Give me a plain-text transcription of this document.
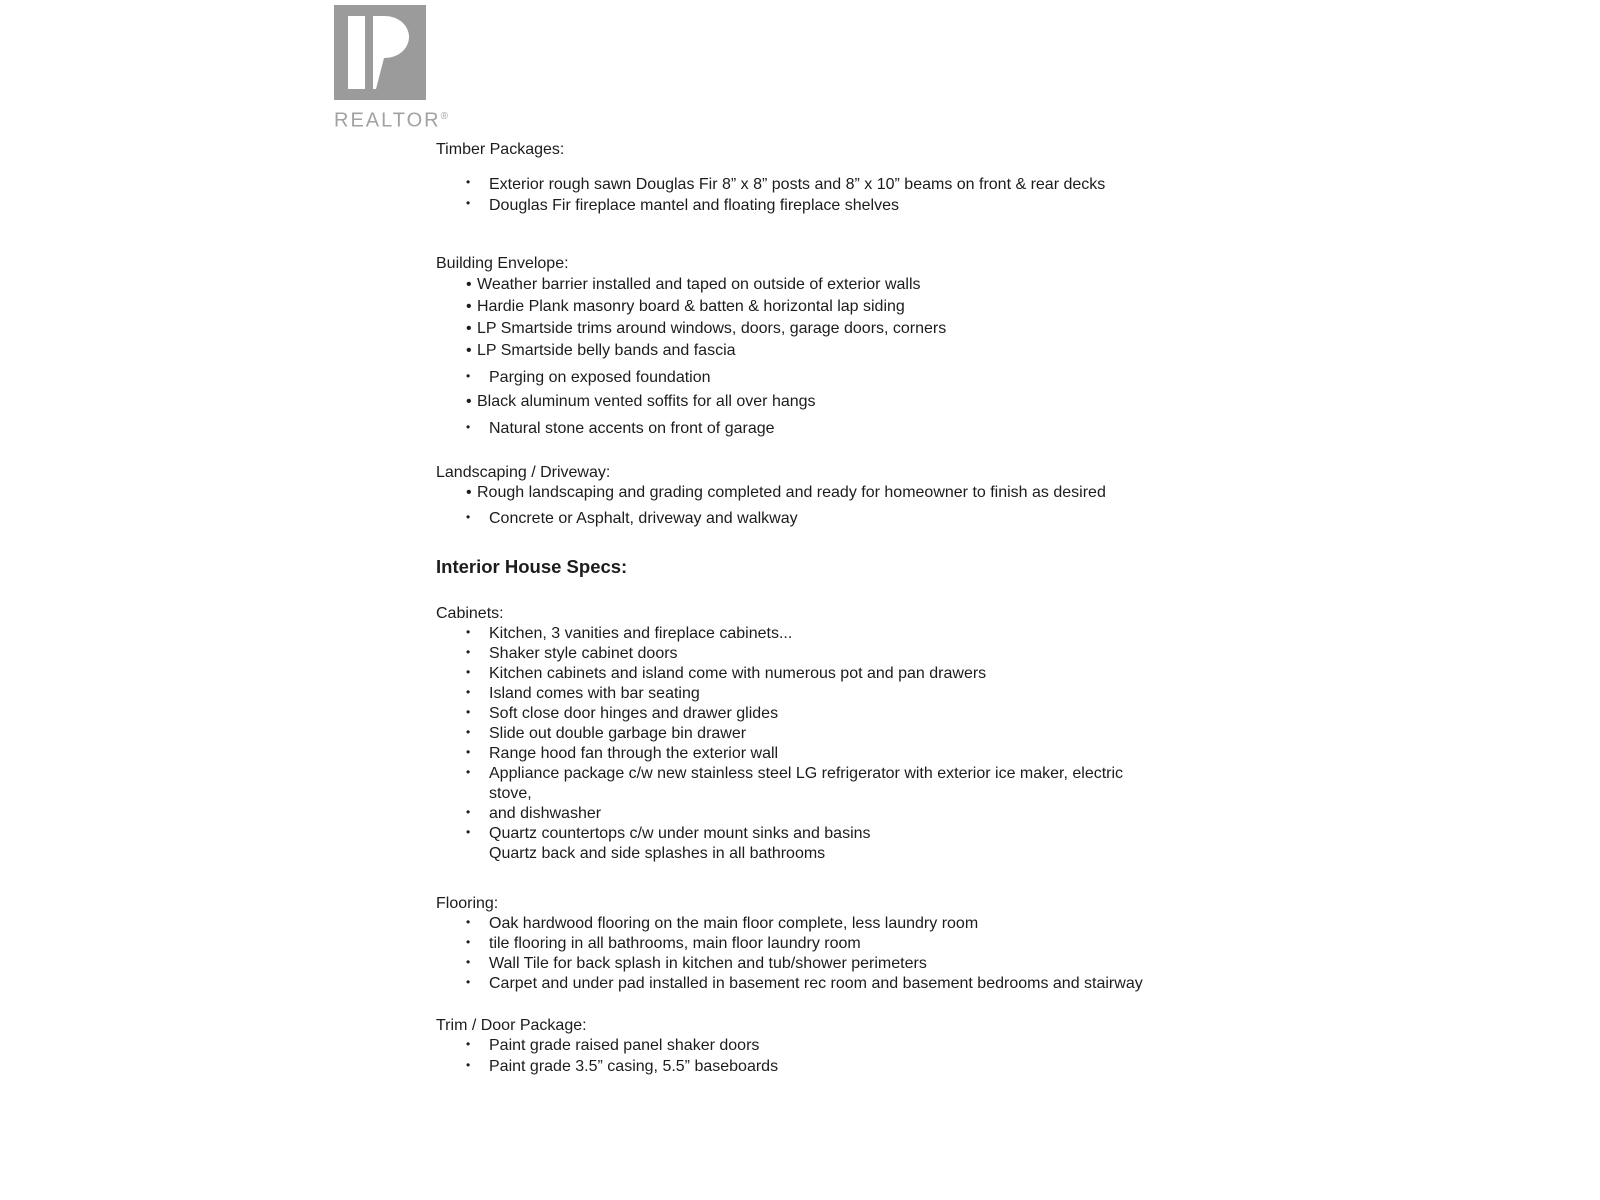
REALTOR®
Timber Packages:
• Exterior rough sawn Douglas Fir 8” x 8” posts and 8” x 10” beams on front & rear decks
• Douglas Fir fireplace mantel and floating fireplace shelves
Building Envelope:
• Weather barrier installed and taped on outside of exterior walls
• Hardie Plank masonry board & batten & horizontal lap siding
• LP Smartside trims around windows, doors, garage doors, corners
• LP Smartside belly bands and fascia
• Parging on exposed foundation
• Black aluminum vented soffits for all over hangs
• Natural stone accents on front of garage
Landscaping / Driveway:
• Rough landscaping and grading completed and ready for homeowner to finish as desired
• Concrete or Asphalt, driveway and walkway
Interior House Specs:
Cabinets:
• Kitchen, 3 vanities and fireplace cabinets...
• Shaker style cabinet doors
• Kitchen cabinets and island come with numerous pot and pan drawers
• Island comes with bar seating
• Soft close door hinges and drawer glides
• Slide out double garbage bin drawer
• Range hood fan through the exterior wall
• Appliance package c/w new stainless steel LG refrigerator with exterior ice maker, electric stove,
• and dishwasher
• Quartz countertops c/w under mount sinks and basins
Quartz back and side splashes in all bathrooms
Flooring:
• Oak hardwood flooring on the main floor complete, less laundry room
• tile flooring in all bathrooms, main floor laundry room
• Wall Tile for back splash in kitchen and tub/shower perimeters
• Carpet and under pad installed in basement rec room and basement bedrooms and stairway
Trim / Door Package:
• Paint grade raised panel shaker doors
• Paint grade 3.5” casing, 5.5” baseboards
